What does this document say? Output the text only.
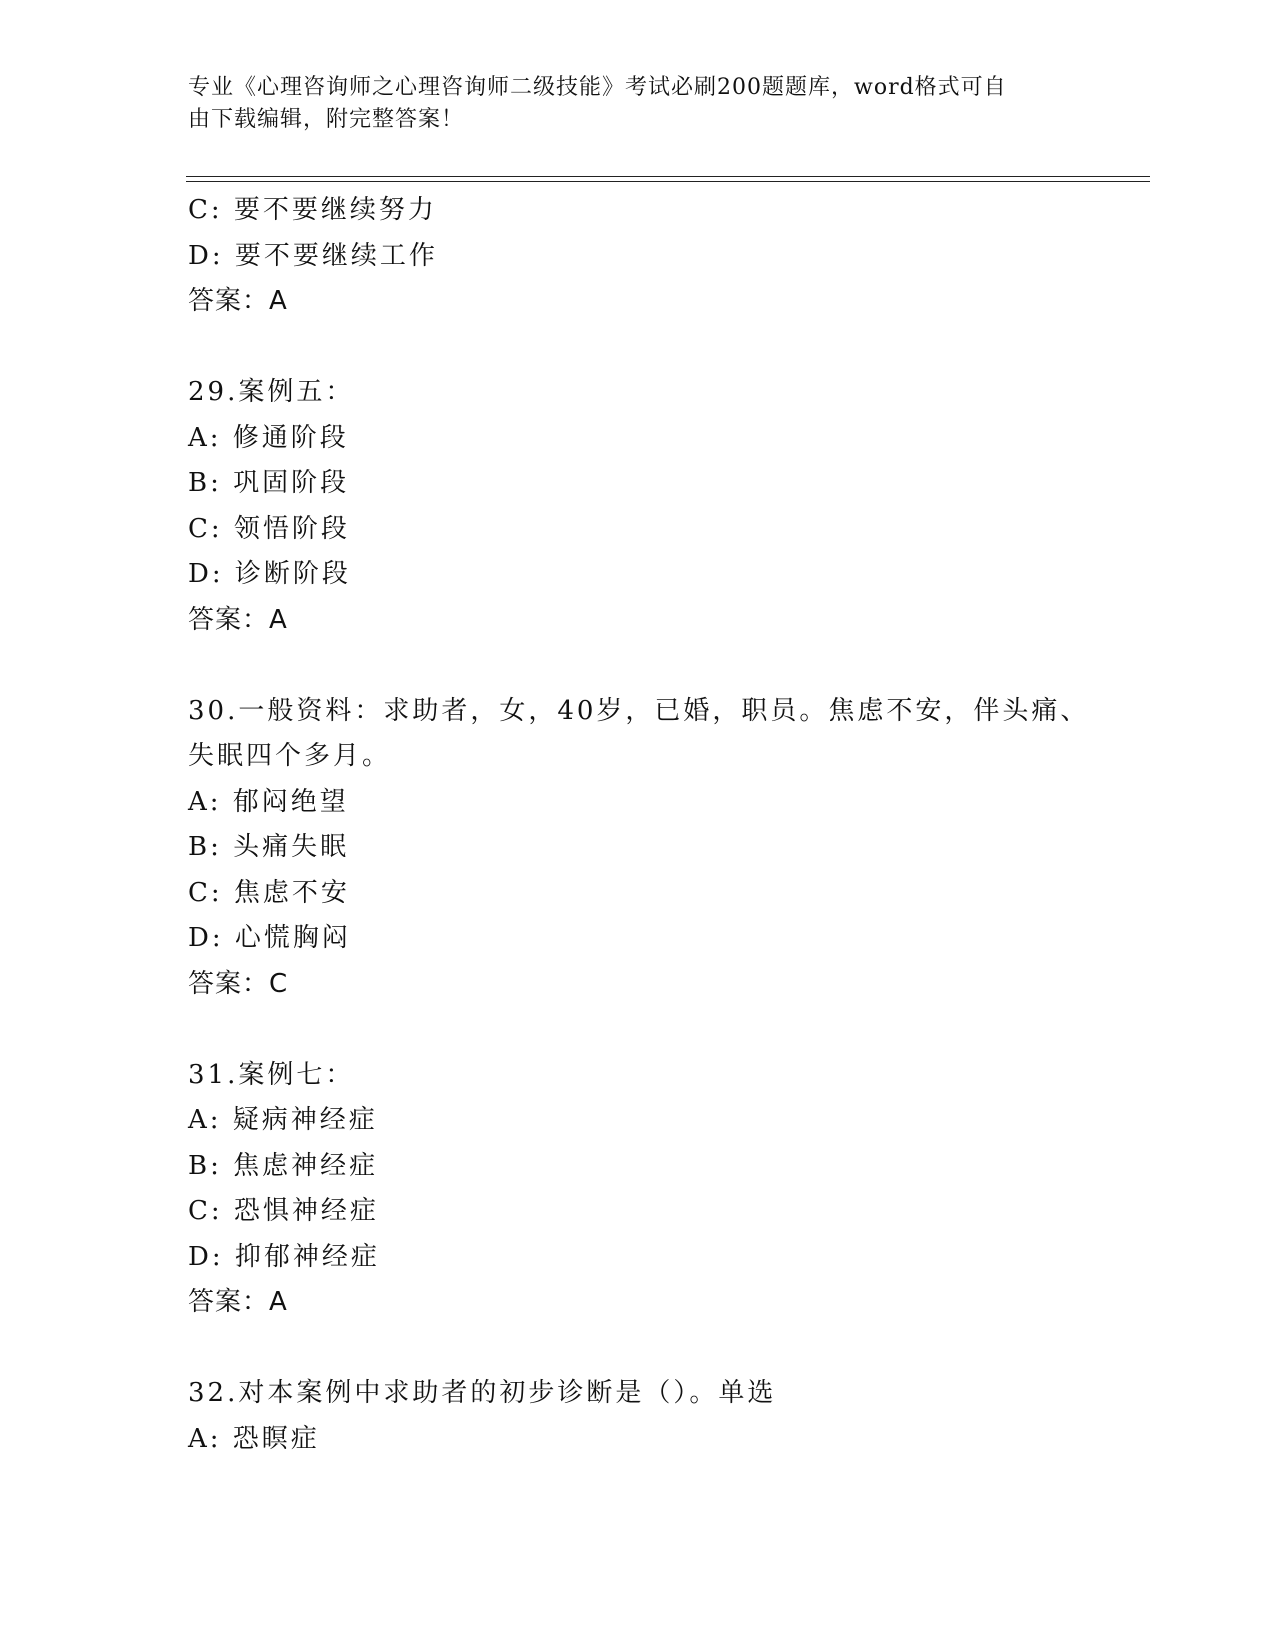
专业《心理咨询师之心理咨询师二级技能》考试必刷200题题库，word格式可自
由下载编辑，附完整答案！
C: 要不要继续努力
D: 要不要继续工作
答案：A
29.案例五：
A: 修通阶段
B: 巩固阶段
C: 领悟阶段
D: 诊断阶段
答案：A
30.一般资料：求助者，女，40岁，已婚，职员。焦虑不安，伴头痛、
失眠四个多月。
A: 郁闷绝望
B: 头痛失眠
C: 焦虑不安
D: 心慌胸闷
答案：C
31.案例七：
A: 疑病神经症
B: 焦虑神经症
C: 恐惧神经症
D: 抑郁神经症
答案：A
32.对本案例中求助者的初步诊断是（）。单选
A: 恐瞑症
